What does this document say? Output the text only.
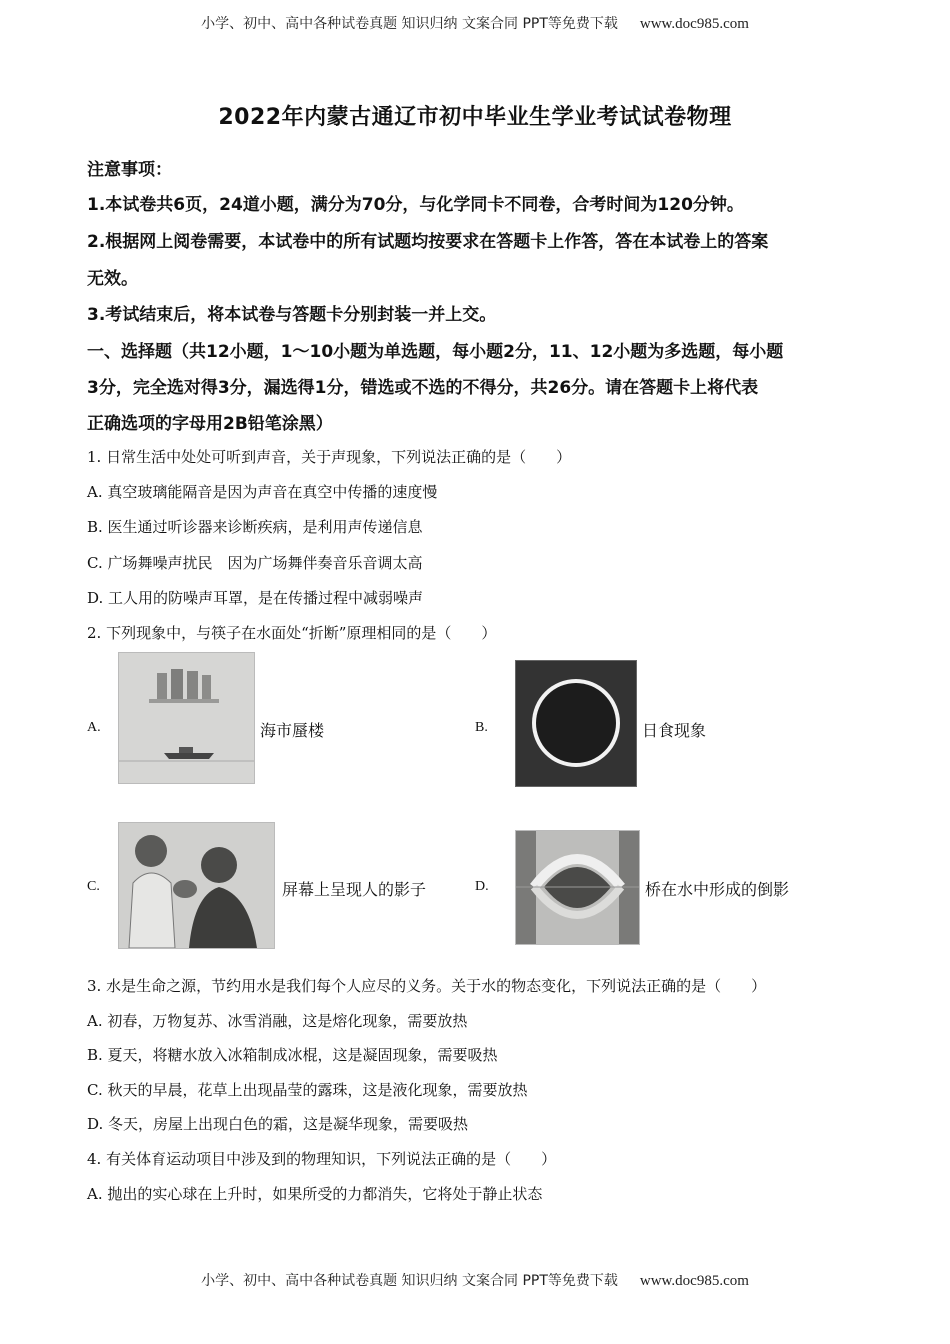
小学、初中、高中各种试卷真题 知识归纳 文案合同 PPT等免费下载 www.doc985.com
2022年内蒙古通辽市初中毕业生学业考试试卷物理
注意事项：
1.本试卷共6页，24道小题，满分为70分，与化学同卡不同卷，合考时间为120分钟。
2.根据网上阅卷需要，本试卷中的所有试题均按要求在答题卡上作答，答在本试卷上的答案
无效。
3.考试结束后，将本试卷与答题卡分别封装一并上交。
一、选择题（共12小题，1～10小题为单选题，每小题2分，11、12小题为多选题，每小题
3分，完全选对得3分，漏选得1分，错选或不选的不得分，共26分。请在答题卡上将代表
正确选项的字母用2B铅笔涂黑）
1. 日常生活中处处可听到声音，关于声现象，下列说法正确的是（　　）
A. 真空玻璃能隔音是因为声音在真空中传播的速度慢
B. 医生通过听诊器来诊断疾病，是利用声传递信息
C. 广场舞噪声扰民　因为广场舞伴奏音乐音调太高
D. 工人用的防噪声耳罩，是在传播过程中减弱噪声
2. 下列现象中，与筷子在水面处“折断”原理相同的是（　　）
A.	海市蜃楼	B.	日食现象
C.	屏幕上呈现人的影子	D.	桥在水中形成的倒影
3. 水是生命之源，节约用水是我们每个人应尽的义务。关于水的物态变化，下列说法正确的是（　　）
A. 初春，万物复苏、冰雪消融，这是熔化现象，需要放热
B. 夏天，将糖水放入冰箱制成冰棍，这是凝固现象，需要吸热
C. 秋天的早晨，花草上出现晶莹的露珠，这是液化现象，需要放热
D. 冬天，房屋上出现白色的霜，这是凝华现象，需要吸热
4. 有关体育运动项目中涉及到的物理知识，下列说法正确的是（　　）
A. 抛出的实心球在上升时，如果所受的力都消失，它将处于静止状态
小学、初中、高中各种试卷真题 知识归纳 文案合同 PPT等免费下载 www.doc985.com
